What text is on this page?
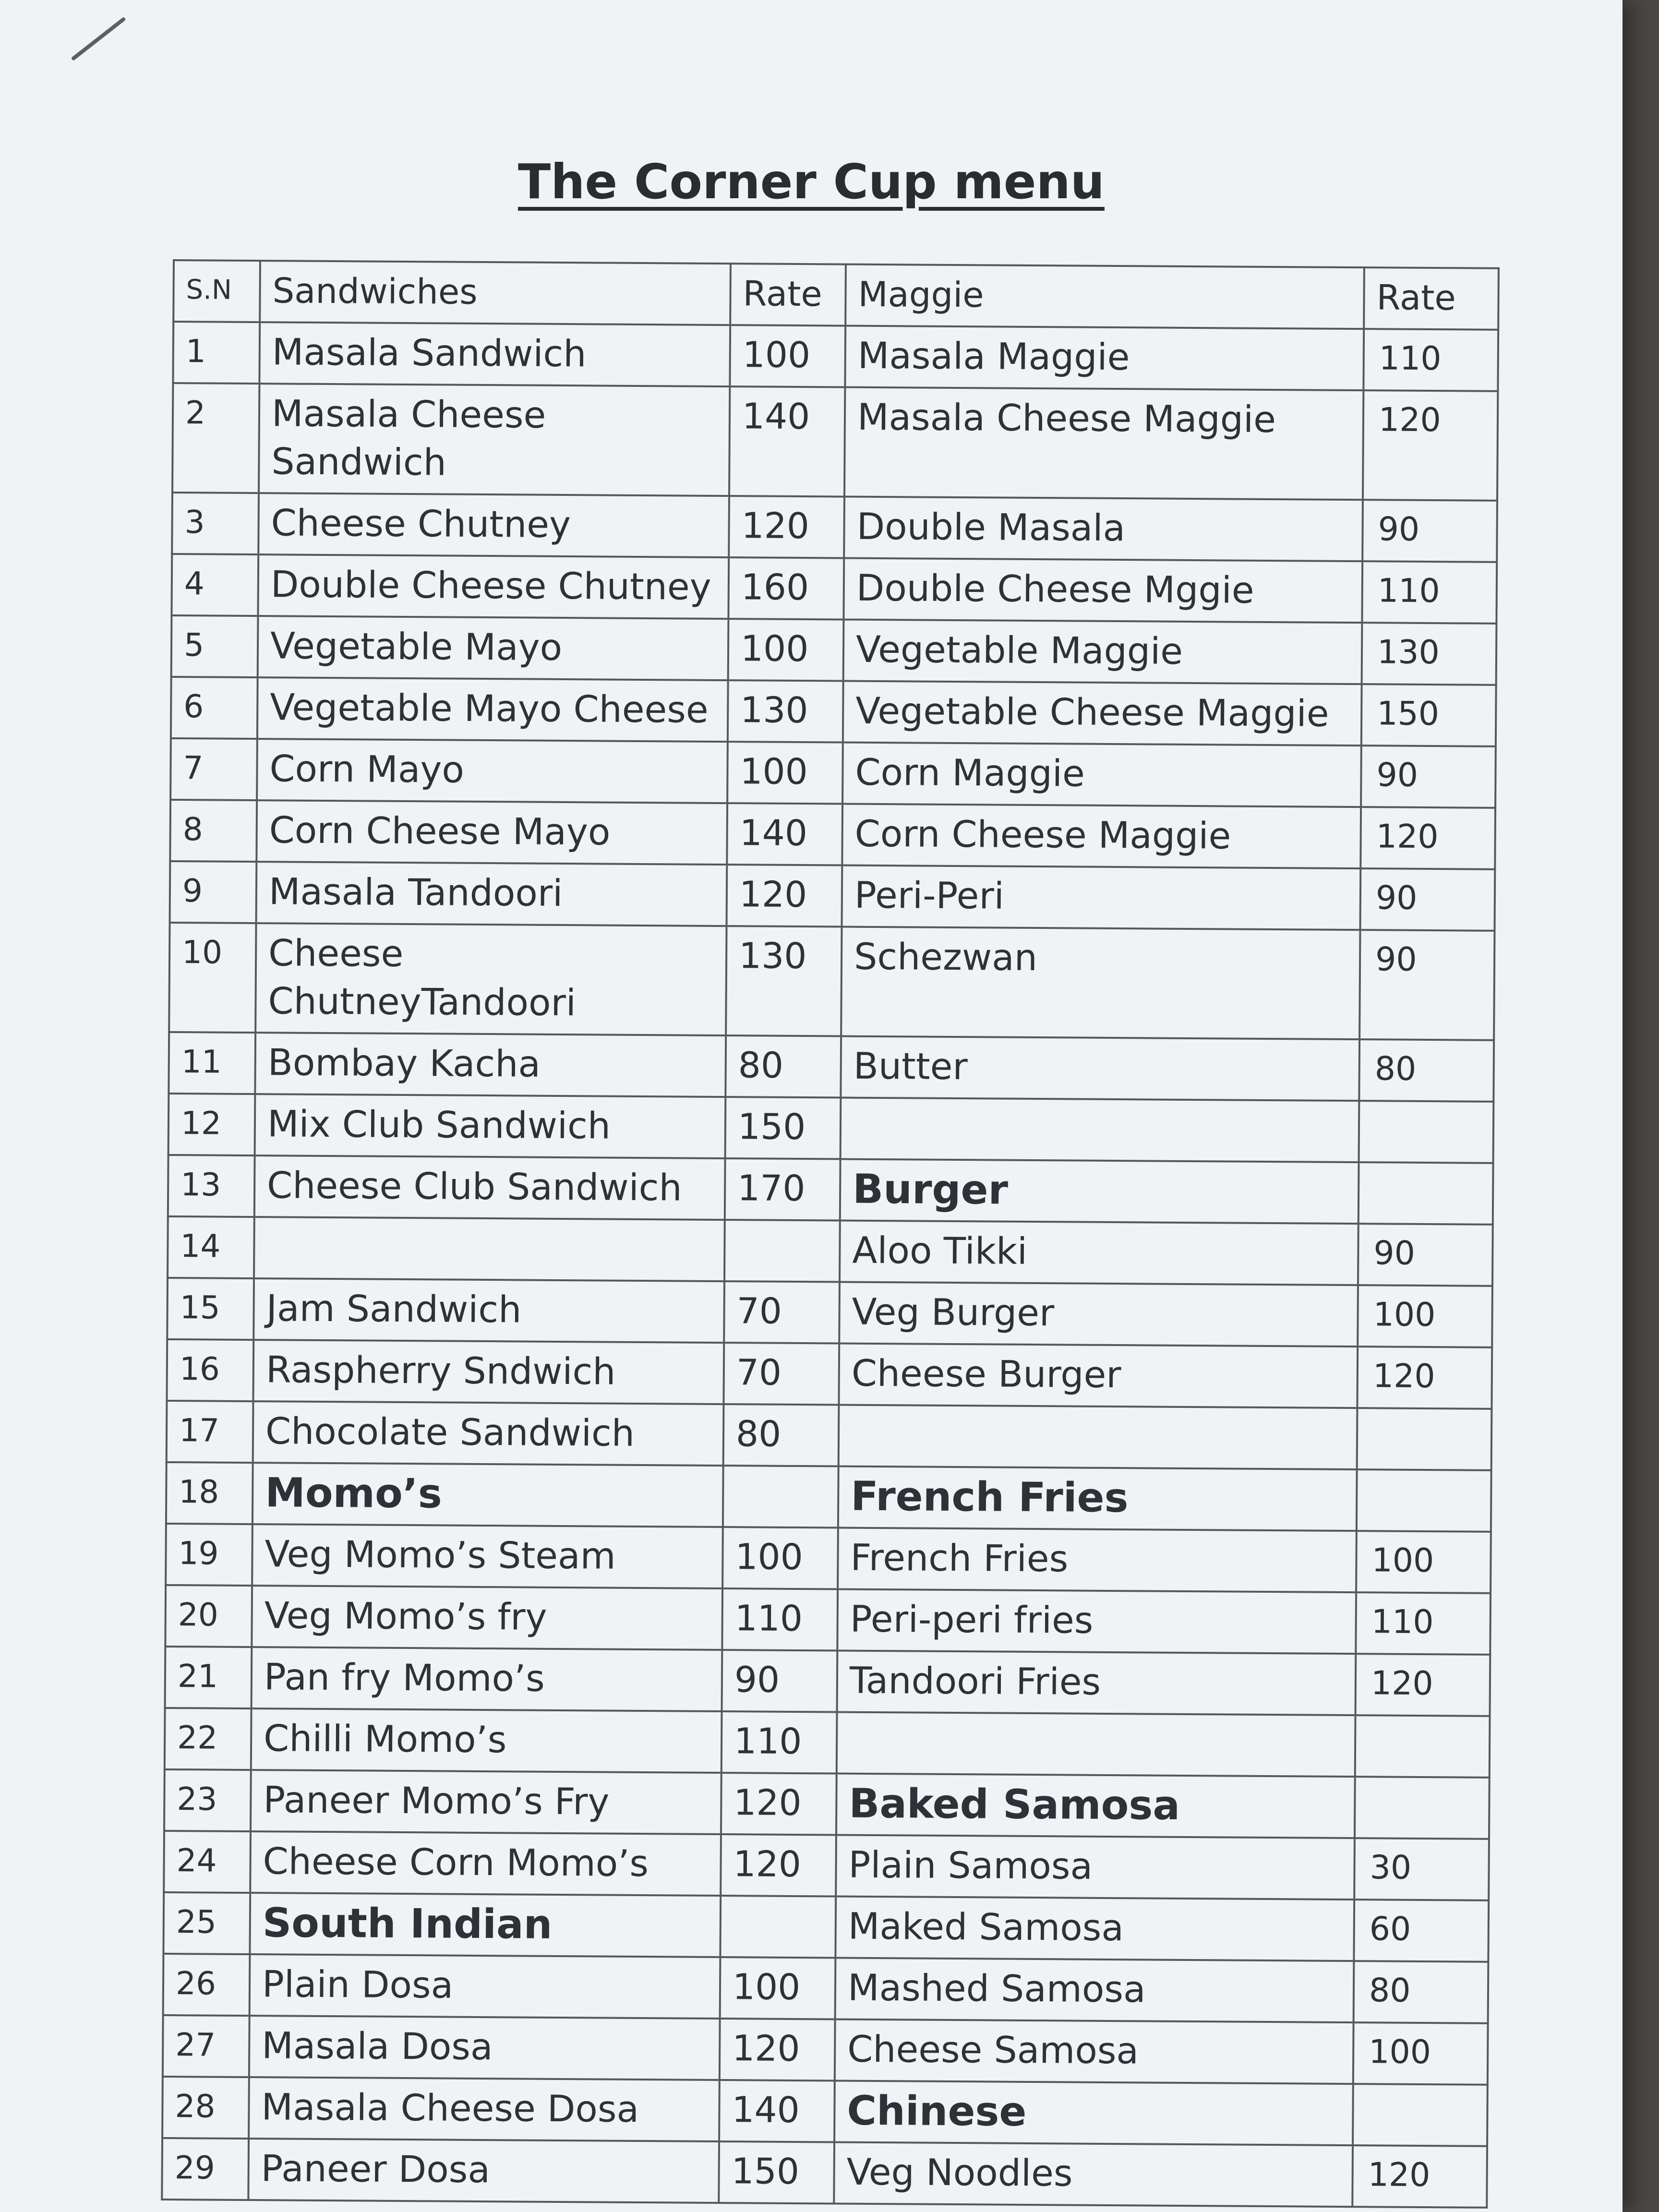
The Corner Cup menu
S.N	Sandwiches	Rate	Maggie	Rate
1	Masala Sandwich	100	Masala Maggie	110
2	Masala Cheese Sandwich	140	Masala Cheese Maggie	120
3	Cheese Chutney	120	Double Masala	90
4	Double Cheese Chutney	160	Double Cheese Mggie	110
5	Vegetable Mayo	100	Vegetable Maggie	130
6	Vegetable Mayo Cheese	130	Vegetable Cheese Maggie	150
7	Corn Mayo	100	Corn Maggie	90
8	Corn Cheese Mayo	140	Corn Cheese Maggie	120
9	Masala Tandoori	120	Peri-Peri	90
10	Cheese ChutneyTandoori	130	Schezwan	90
11	Bombay Kacha	80	Butter	80
12	Mix Club Sandwich	150		
13	Cheese Club Sandwich	170	Burger	
14			Aloo Tikki	90
15	Jam Sandwich	70	Veg Burger	100
16	Raspherry Sndwich	70	Cheese Burger	120
17	Chocolate Sandwich	80		
18	Momo’s		French Fries	
19	Veg Momo’s Steam	100	French Fries	100
20	Veg Momo’s fry	110	Peri-peri fries	110
21	Pan fry Momo’s	90	Tandoori Fries	120
22	Chilli Momo’s	110		
23	Paneer Momo’s Fry	120	Baked Samosa	
24	Cheese Corn Momo’s	120	Plain Samosa	30
25	South Indian		Maked Samosa	60
26	Plain Dosa	100	Mashed Samosa	80
27	Masala Dosa	120	Cheese Samosa	100
28	Masala Cheese Dosa	140	Chinese	
29	Paneer Dosa	150	Veg Noodles	120
